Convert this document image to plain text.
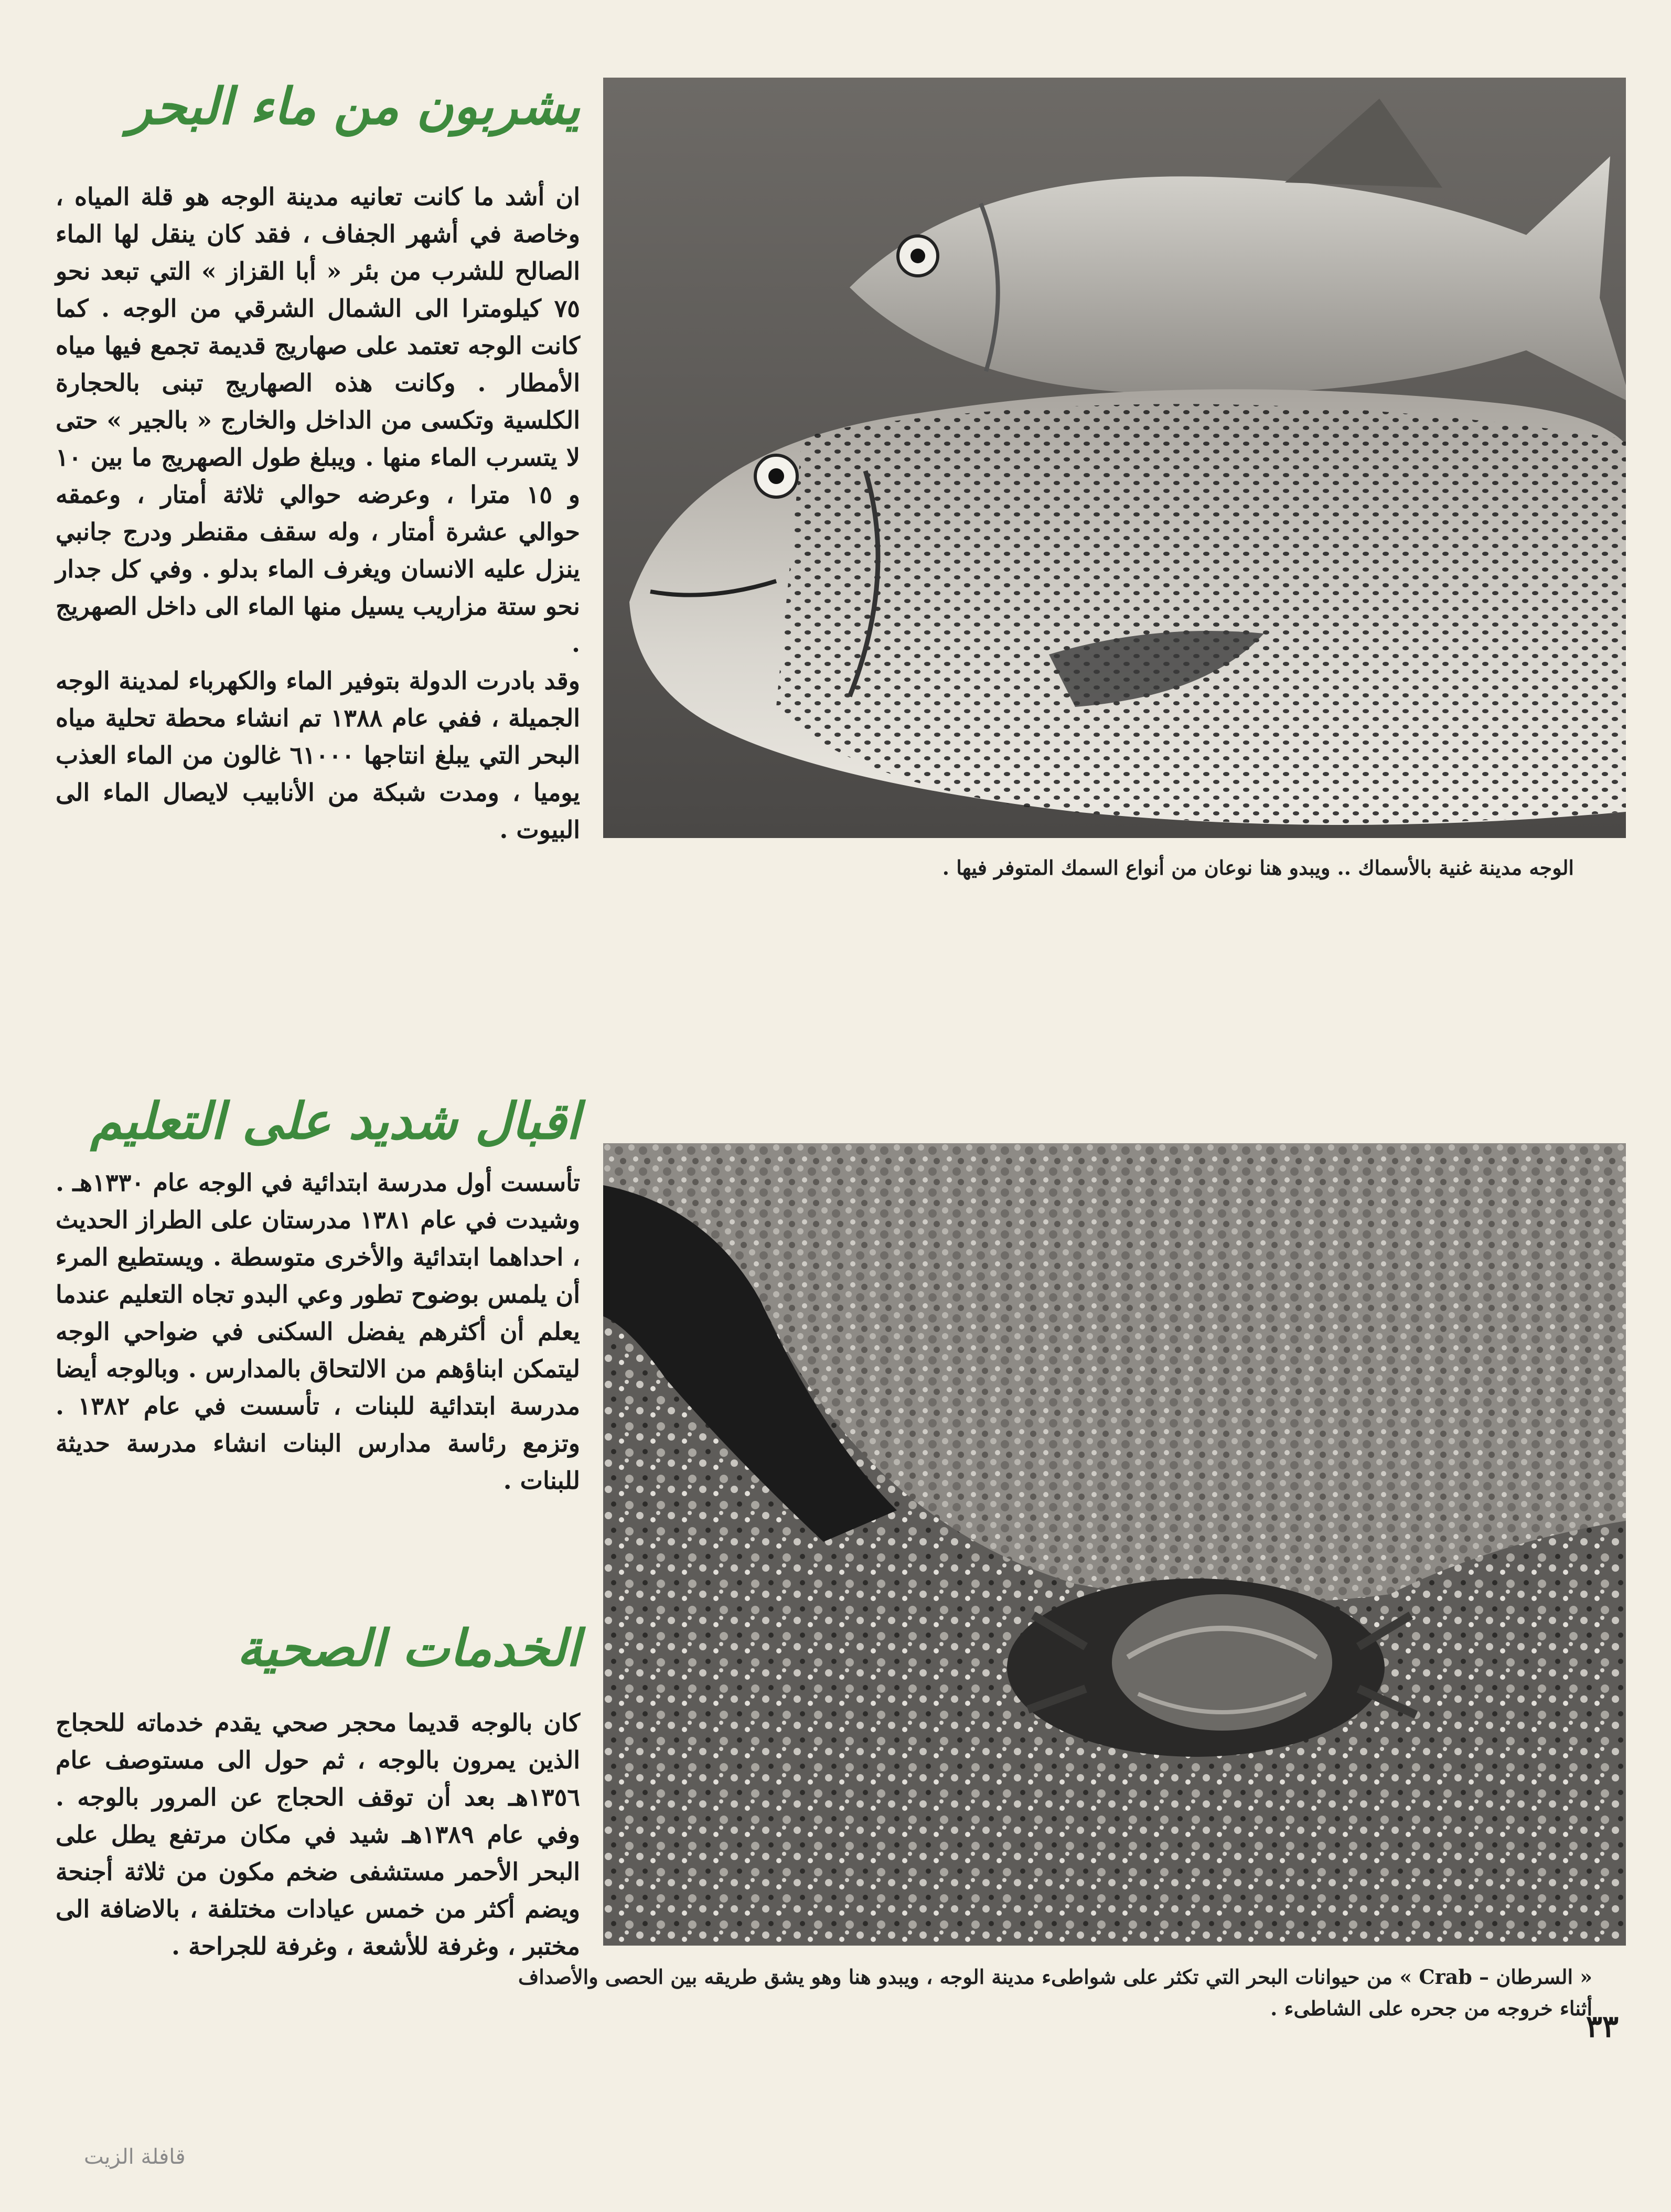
يشربون من ماء البحر

ان أشد ما كانت تعانيه مدينة الوجه هو قلة المياه ، وخاصة في أشهر الجفاف ، فقد كان ينقل لها الماء الصالح للشرب من بئر « أبا القزاز » التي تبعد نحو ٧٥ كيلومترا الى الشمال الشرقي من الوجه . كما كانت الوجه تعتمد على صهاريج قديمة تجمع فيها مياه الأمطار . وكانت هذه الصهاريج تبنى بالحجارة الكلسية وتكسى من الداخل والخارج « بالجير » حتى لا يتسرب الماء منها . ويبلغ طول الصهريج ما بين ١٠ و ١٥ مترا ، وعرضه حوالي ثلاثة أمتار ، وعمقه حوالي عشرة أمتار ، وله سقف مقنطر ودرج جانبي ينزل عليه الانسان ويغرف الماء بدلو . وفي كل جدار نحو ستة مزاريب يسيل منها الماء الى داخل الصهريج .

وقد بادرت الدولة بتوفير الماء والكهرباء لمدينة الوجه الجميلة ، ففي عام ١٣٨٨ تم انشاء محطة تحلية مياه البحر التي يبلغ انتاجها ٦١٠٠٠ غالون من الماء العذب يوميا ، ومدت شبكة من الأنابيب لايصال الماء الى البيوت .

اقبال شديد على التعليم

تأسست أول مدرسة ابتدائية في الوجه عام ١٣٣٠هـ . وشيدت في عام ١٣٨١ مدرستان على الطراز الحديث ، احداهما ابتدائية والأخرى متوسطة . ويستطيع المرء أن يلمس بوضوح تطور وعي البدو تجاه التعليم عندما يعلم أن أكثرهم يفضل السكنى في ضواحي الوجه ليتمكن ابناؤهم من الالتحاق بالمدارس . وبالوجه أيضا مدرسة ابتدائية للبنات ، تأسست في عام ١٣٨٢ . وتزمع رئاسة مدارس البنات انشاء مدرسة حديثة للبنات .

الخدمات الصحية

كان بالوجه قديما محجر صحي يقدم خدماته للحجاج الذين يمرون بالوجه ، ثم حول الى مستوصف عام ١٣٥٦هـ بعد أن توقف الحجاج عن المرور بالوجه . وفي عام ١٣٨٩هـ شيد في مكان مرتفع يطل على البحر الأحمر مستشفى ضخم مكون من ثلاثة أجنحة ويضم أكثر من خمس عيادات مختلفة ، بالاضافة الى مختبر ، وغرفة للأشعة ، وغرفة للجراحة .

الوجه مدينة غنية بالأسماك .. ويبدو هنا نوعان من أنواع السمك المتوفر فيها .
« السرطان – Crab » من حيوانات البحر التي تكثر على شواطىء مدينة الوجه ، ويبدو هنا وهو يشق طريقه بين الحصى والأصداف أثناء خروجه من جحره على الشاطىء .
٣٣
قافلة الزيت
